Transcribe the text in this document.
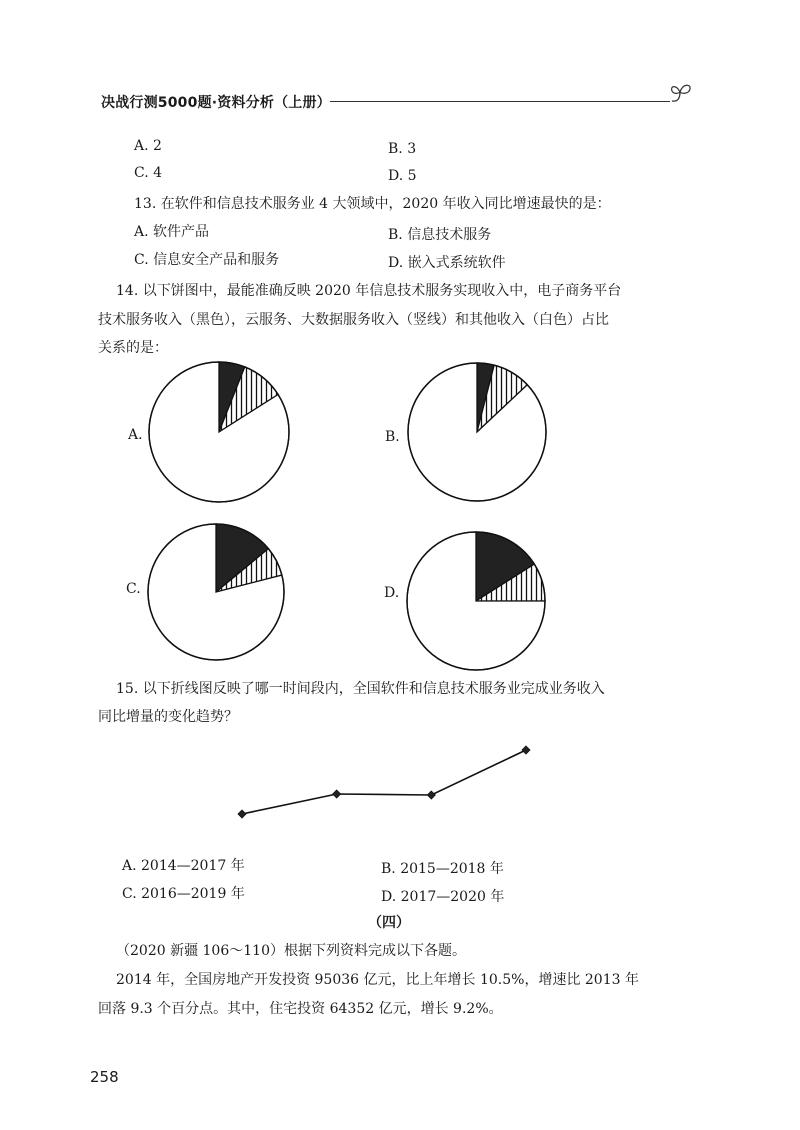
决战行测5000题·资料分析（上册）
A. 2	B. 3
C. 4	D. 5
13. 在软件和信息技术服务业 4 大领域中，2020 年收入同比增速最快的是：
A. 软件产品	B. 信息技术服务
C. 信息安全产品和服务	D. 嵌入式系统软件
14. 以下饼图中，最能准确反映 2020 年信息技术服务实现收入中，电子商务平台
技术服务收入（黑色），云服务、大数据服务收入（竖线）和其他收入（白色）占比
关系的是：
A.	B.
C.	D.
15. 以下折线图反映了哪一时间段内，全国软件和信息技术服务业完成业务收入
同比增量的变化趋势？
A. 2014—2017 年	B. 2015—2018 年
C. 2016—2019 年	D. 2017—2020 年
（四）
（2020 新疆 106～110）根据下列资料完成以下各题。
2014 年，全国房地产开发投资 95036 亿元，比上年增长 10.5%，增速比 2013 年
回落 9.3 个百分点。其中，住宅投资 64352 亿元，增长 9.2%。
258
